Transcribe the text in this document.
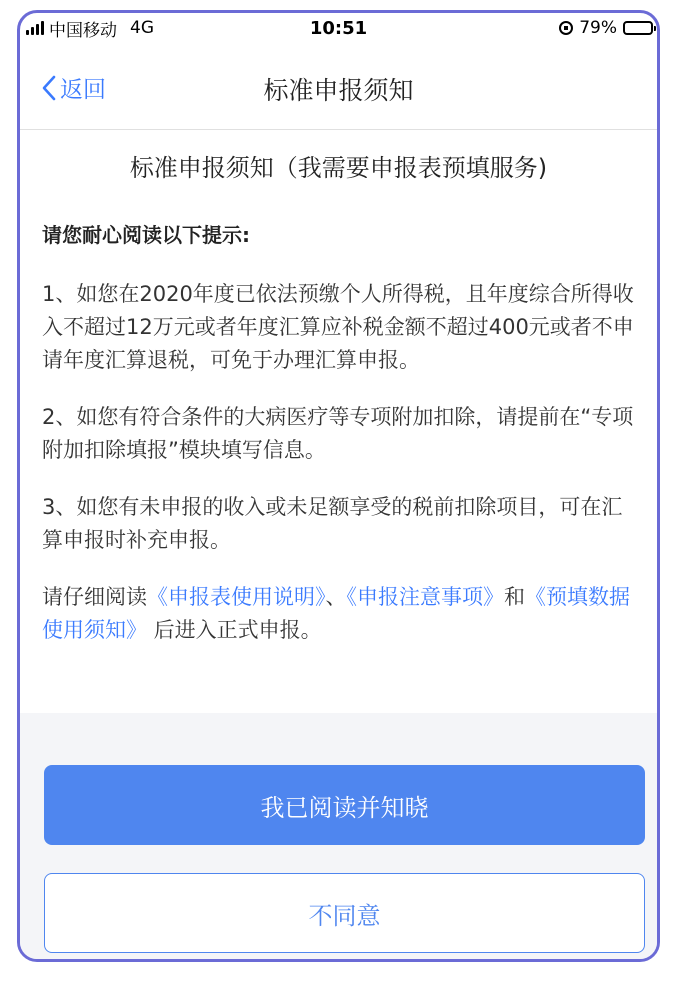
中国移动 4G	10:51	79%
返回	标准申报须知
标准申报须知（我需要申报表预填服务)
请您耐心阅读以下提示:
1、如您在2020年度已依法预缴个人所得税，且年度综合所得收入不超过12万元或者年度汇算应补税金额不超过400元或者不申请年度汇算退税，可免于办理汇算申报。
2、如您有符合条件的大病医疗等专项附加扣除，请提前在“专项附加扣除填报”模块填写信息。
3、如您有未申报的收入或未足额享受的税前扣除项目，可在汇算申报时补充申报。
请仔细阅读《申报表使用说明》、《申报注意事项》和《预填数据使用须知》 后进入正式申报。
我已阅读并知晓
不同意
